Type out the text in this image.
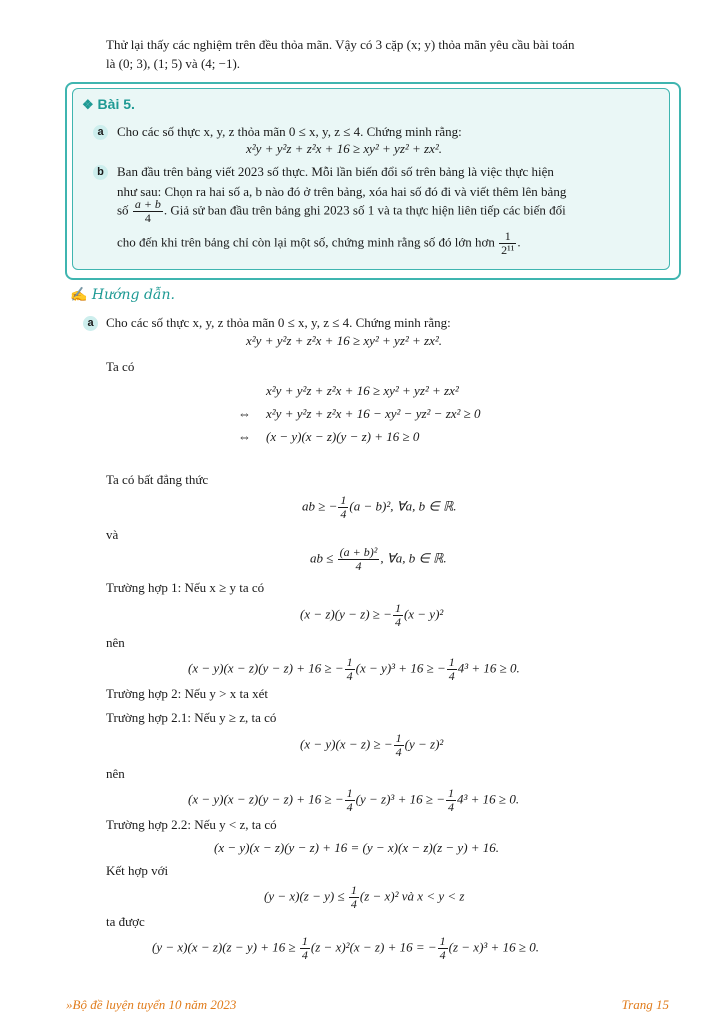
Thử lại thấy các nghiệm trên đều thỏa mãn. Vậy có 3 cặp (x; y) thỏa mãn yêu cầu bài toán
là (0; 3), (1; 5) và (4; −1).
❖ Bài 5.
a	Cho các số thực x, y, z thỏa mãn 0 ≤ x, y, z ≤ 4. Chứng minh rằng:
x²y + y²z + z²x + 16 ≥ xy² + yz² + zx².
b	Ban đầu trên bảng viết 2023 số thực. Mỗi lần biến đổi số trên bảng là việc thực hiện
như sau: Chọn ra hai số a, b nào đó ở trên bảng, xóa hai số đó đi và viết thêm lên bảng
số $\frac{a + b}{4}$ . Giả sử ban đầu trên bảng ghi 2023 số 1 và ta thực hiện liên tiếp các biến đổi
cho đến khi trên bảng chỉ còn lại một số, chứng minh rằng số đó lớn hơn $\frac{1}{\text{2¹¹}}$ .
✍ Hướng dẫn.
a Cho các số thực x, y, z thỏa mãn 0 ≤ x, y, z ≤ 4. Chứng minh rằng:
x²y + y²z + z²x + 16 ≥ xy² + yz² + zx².
Ta có
x²y + y²z + z²x + 16 ≥ xy² + yz² + zx²
⇔ x²y + y²z + z²x + 16 − xy² − yz² − zx² ≥ 0
⇔ (x − y)(x − z)(y − z) + 16 ≥ 0
Ta có bất đẳng thức
ab ≥ − $\frac{1}{4} (a - b)^2$, ∀a, b ∈ ℝ.
và
ab ≤ $\frac{\text{(a + b)²}}{4}$ , ∀a, b ∈ ℝ.
Trường hợp 1: Nếu x ≥ y ta có
(x − z)(y − z) ≥ − $\frac{1}{4} (x - y)^2$
nên
(x − y)(x − z)(y − z) + 16 ≥ − $\frac{1}{4} (x - y)^3 + 16$ ≥ − $\frac{1}{4} 4^3 + 16 \ge 0$.
Trường hợp 2: Nếu y > x ta xét
Trường hợp 2.1: Nếu y ≥ z, ta có
(x − y)(x − z) ≥ − $\frac{1}{4} (y - z)^2$
nên
(x − y)(x − z)(y − z) + 16 ≥ − $\frac{1}{4} (y - z)^3 + 16$ ≥ − $\frac{1}{4} 4^3 + 16 \ge 0$.
Trường hợp 2.2: Nếu y < z, ta có
(x − y)(x − z)(y − z) + 16 = (y − x)(x − z)(z − y) + 16.
Kết hợp với
$(y - x)(z - y) \le \frac{1}{4} (z - x)^2$ và x < y < z
ta được
$(y - x)(x - z)(z - y) + 16 \ge \frac{1}{4} (z - x)^2(x - z) + 16$ = − $\frac{1}{4} (z - x)^3 + 16 \ge 0$.
»Bộ đề luyện tuyển 10 năm 2023	Trang 15
